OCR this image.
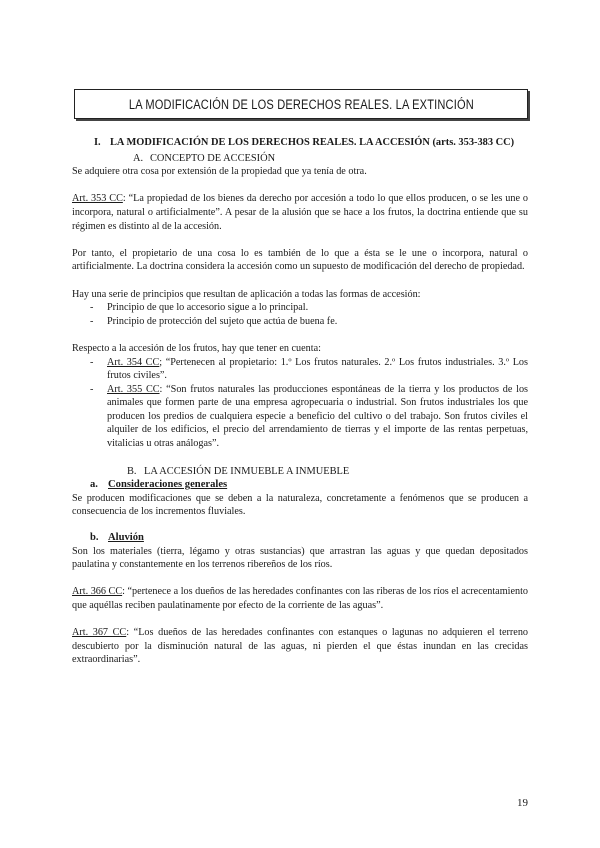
LA MODIFICACIÓN DE LOS DERECHOS REALES. LA EXTINCIÓN
I. LA MODIFICACIÓN DE LOS DERECHOS REALES. LA ACCESIÓN (arts. 353-383 CC)
A. CONCEPTO DE ACCESIÓN

Se adquiere otra cosa por extensión de la propiedad que ya tenía de otra.

Art. 353 CC: “La propiedad de los bienes da derecho por accesión a todo lo que ellos producen, o se les une o incorpora, natural o artificialmente”. A pesar de la alusión que se hace a los frutos, la doctrina entiende que su régimen es distinto al de la accesión.

Por tanto, el propietario de una cosa lo es también de lo que a ésta se le une o incorpora, natural o artificialmente. La doctrina considera la accesión como un supuesto de modificación del derecho de propiedad.

Hay una serie de principios que resultan de aplicación a todas las formas de accesión:

- Principio de que lo accesorio sigue a lo principal.
- Principio de protección del sujeto que actúa de buena fe.

Respecto a la accesión de los frutos, hay que tener en cuenta:

- Art. 354 CC; “Pertenecen al propietario: 1.º Los frutos naturales. 2.º Los frutos industriales. 3.º Los frutos civiles”.
- Art. 355 CC: “Son frutos naturales las producciones espontáneas de la tierra y los productos de los animales que formen parte de una empresa agropecuaria o industrial. Son frutos industriales los que producen los predios de cualquiera especie a beneficio del cultivo o del trabajo. Son frutos civiles el alquiler de los edificios, el precio del arrendamiento de tierras y el importe de las rentas perpetuas, vitalicias u otras análogas”.
B. LA ACCESIÓN DE INMUEBLE A INMUEBLE
a. Consideraciones generales

Se producen modificaciones que se deben a la naturaleza, concretamente a fenómenos que se producen a consecuencia de los incrementos fluviales.

b. Aluvión

Son los materiales (tierra, légamo y otras sustancias) que arrastran las aguas y que quedan depositados paulatina y constantemente en los terrenos ribereños de los ríos.

Art. 366 CC: “pertenece a los dueños de las heredades confinantes con las riberas de los ríos el acrecentamiento que aquéllas reciben paulatinamente por efecto de la corriente de las aguas”.

Art. 367 CC: “Los dueños de las heredades confinantes con estanques o lagunas no adquieren el terreno descubierto por la disminución natural de las aguas, ni pierden el que éstas inundan en las crecidas extraordinarias”.

19
